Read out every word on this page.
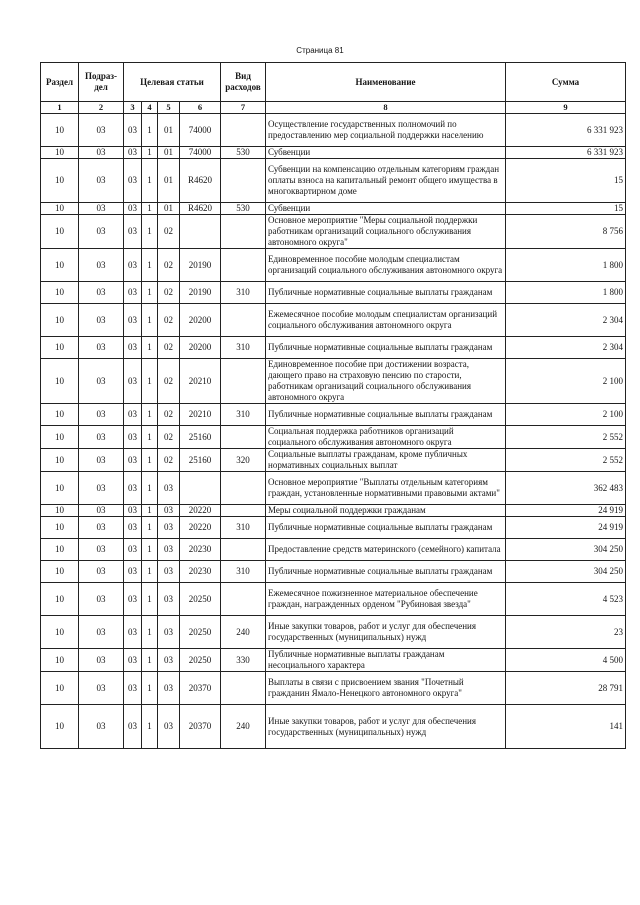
Страница 81
Раздел	Подраз-дел	Целевая статьи				Вид расходов	Наименование	Сумма
1	2	3	4	5	6	7	8	9
10	03	03	1	01	74000		Осуществление государственных полномочий по предоставлению мер социальной поддержки населению	6 331 923
10	03	03	1	01	74000	530	Субвенции	6 331 923
10	03	03	1	01	R4620		Субвенции на компенсацию отдельным категориям граждан оплаты взноса на капитальный ремонт общего имущества в многоквартирном доме	15
10	03	03	1	01	R4620	530	Субвенции	15
10	03	03	1	02			Основное мероприятие "Меры социальной поддержки работникам организаций социального обслуживания автономного округа"	8 756
10	03	03	1	02	20190		Единовременное пособие молодым специалистам организаций социального обслуживания автономного округа	1 800
10	03	03	1	02	20190	310	Публичные нормативные социальные выплаты гражданам	1 800
10	03	03	1	02	20200		Ежемесячное пособие молодым специалистам организаций социального обслуживания автономного округа	2 304
10	03	03	1	02	20200	310	Публичные нормативные социальные выплаты гражданам	2 304
10	03	03	1	02	20210		Единовременное пособие при достижении возраста, дающего право на страховую пенсию по старости, работникам организаций социального обслуживания автономного округа	2 100
10	03	03	1	02	20210	310	Публичные нормативные социальные выплаты гражданам	2 100
10	03	03	1	02	25160		Социальная поддержка работников организаций социального обслуживания автономного округа	2 552
10	03	03	1	02	25160	320	Социальные выплаты гражданам, кроме публичных нормативных социальных выплат	2 552
10	03	03	1	03			Основное мероприятие "Выплаты отдельным категориям граждан, установленные нормативными правовыми актами"	362 483
10	03	03	1	03	20220		Меры социальной поддержки гражданам	24 919
10	03	03	1	03	20220	310	Публичные нормативные социальные выплаты гражданам	24 919
10	03	03	1	03	20230		Предоставление средств материнского (семейного) капитала	304 250
10	03	03	1	03	20230	310	Публичные нормативные социальные выплаты гражданам	304 250
10	03	03	1	03	20250		Ежемесячное пожизненное материальное обеспечение граждан, награжденных орденом "Рубиновая звезда"	4 523
10	03	03	1	03	20250	240	Иные закупки товаров, работ и услуг для обеспечения государственных (муниципальных) нужд	23
10	03	03	1	03	20250	330	Публичные нормативные выплаты гражданам несоциального характера	4 500
10	03	03	1	03	20370		Выплаты в связи с присвоением звания "Почетный гражданин Ямало-Ненецкого автономного округа"	28 791
10	03	03	1	03	20370	240	Иные закупки товаров, работ и услуг для обеспечения государственных (муниципальных) нужд	141
